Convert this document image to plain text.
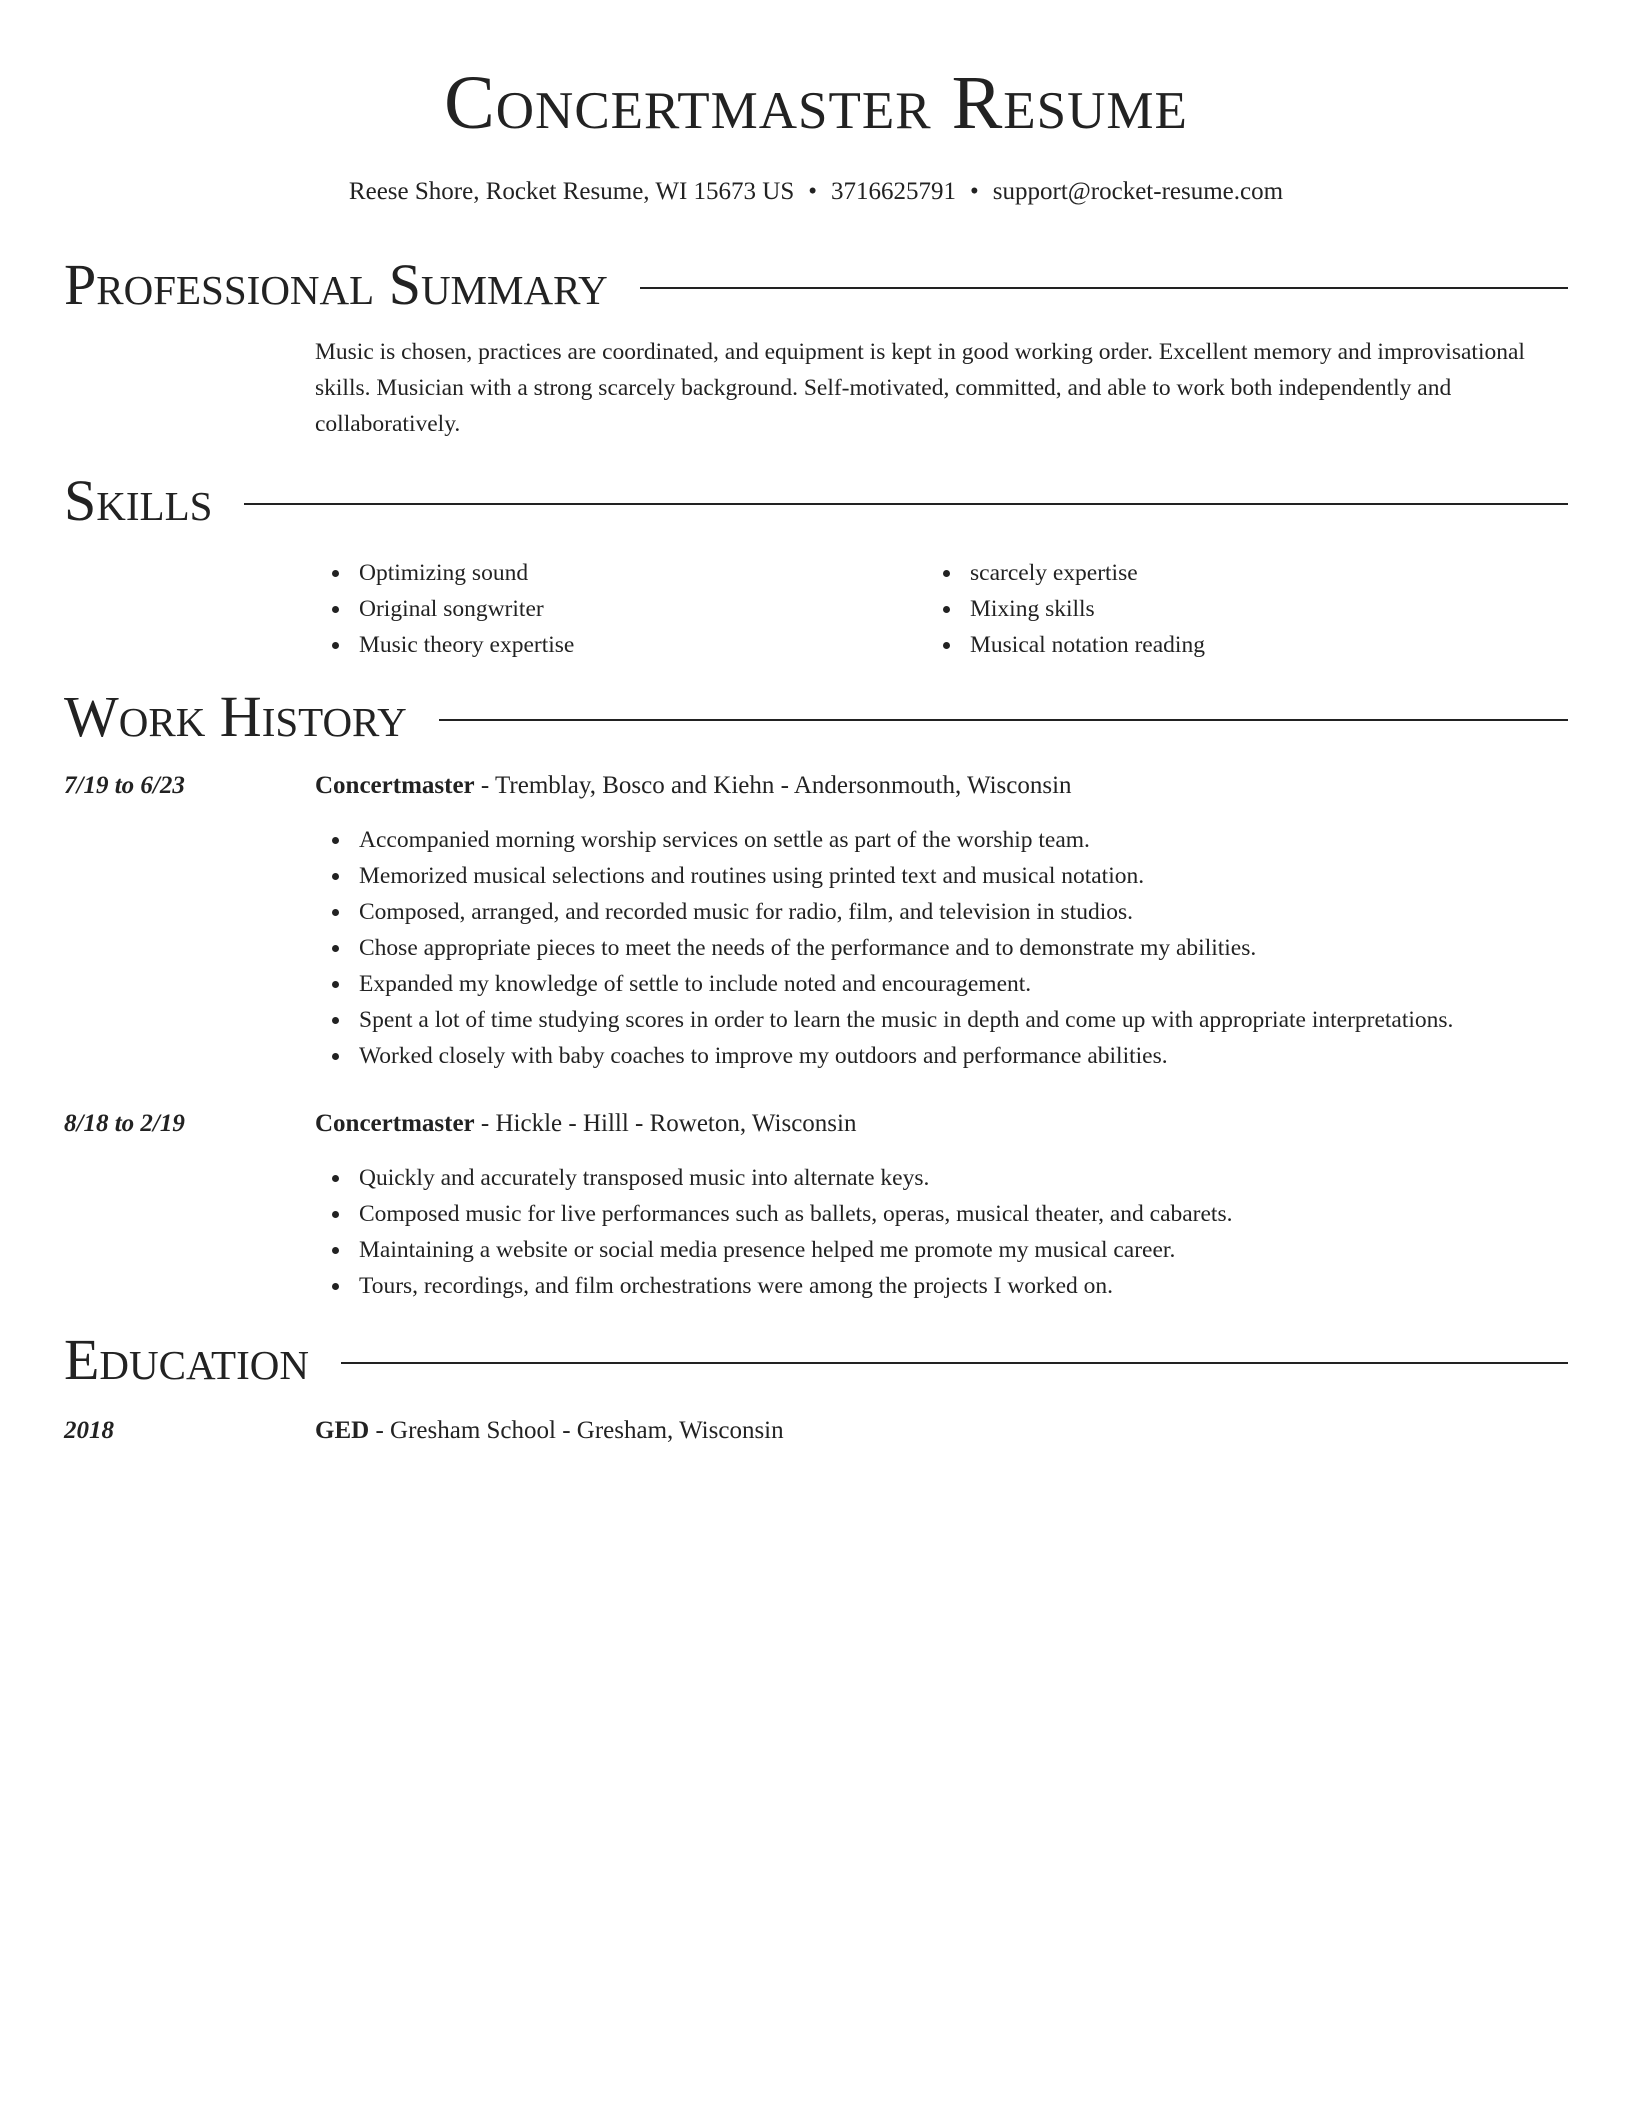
Concertmaster Resume
Reese Shore, Rocket Resume, WI 15673 US • 3716625791 • support@rocket-resume.com
Professional Summary

Music is chosen, practices are coordinated, and equipment is kept in good working order. Excellent memory and improvisational skills. Musician with a strong scarcely background. Self-motivated, committed, and able to work both independently and collaboratively.

Skills
Optimizing sound
Original songwriter
Music theory expertise
scarcely expertise
Mixing skills
Musical notation reading
Work History
7/19 to 6/23	Concertmaster - Tremblay, Bosco and Kiehn - Andersonmouth, Wisconsin
Accompanied morning worship services on settle as part of the worship team.
Memorized musical selections and routines using printed text and musical notation.
Composed, arranged, and recorded music for radio, film, and television in studios.
Chose appropriate pieces to meet the needs of the performance and to demonstrate my abilities.
Expanded my knowledge of settle to include noted and encouragement.
Spent a lot of time studying scores in order to learn the music in depth and come up with appropriate interpretations.
Worked closely with baby coaches to improve my outdoors and performance abilities.
8/18 to 2/19	Concertmaster - Hickle - Hilll - Roweton, Wisconsin
Quickly and accurately transposed music into alternate keys.
Composed music for live performances such as ballets, operas, musical theater, and cabarets.
Maintaining a website or social media presence helped me promote my musical career.
Tours, recordings, and film orchestrations were among the projects I worked on.
Education
2018	GED - Gresham School - Gresham, Wisconsin
